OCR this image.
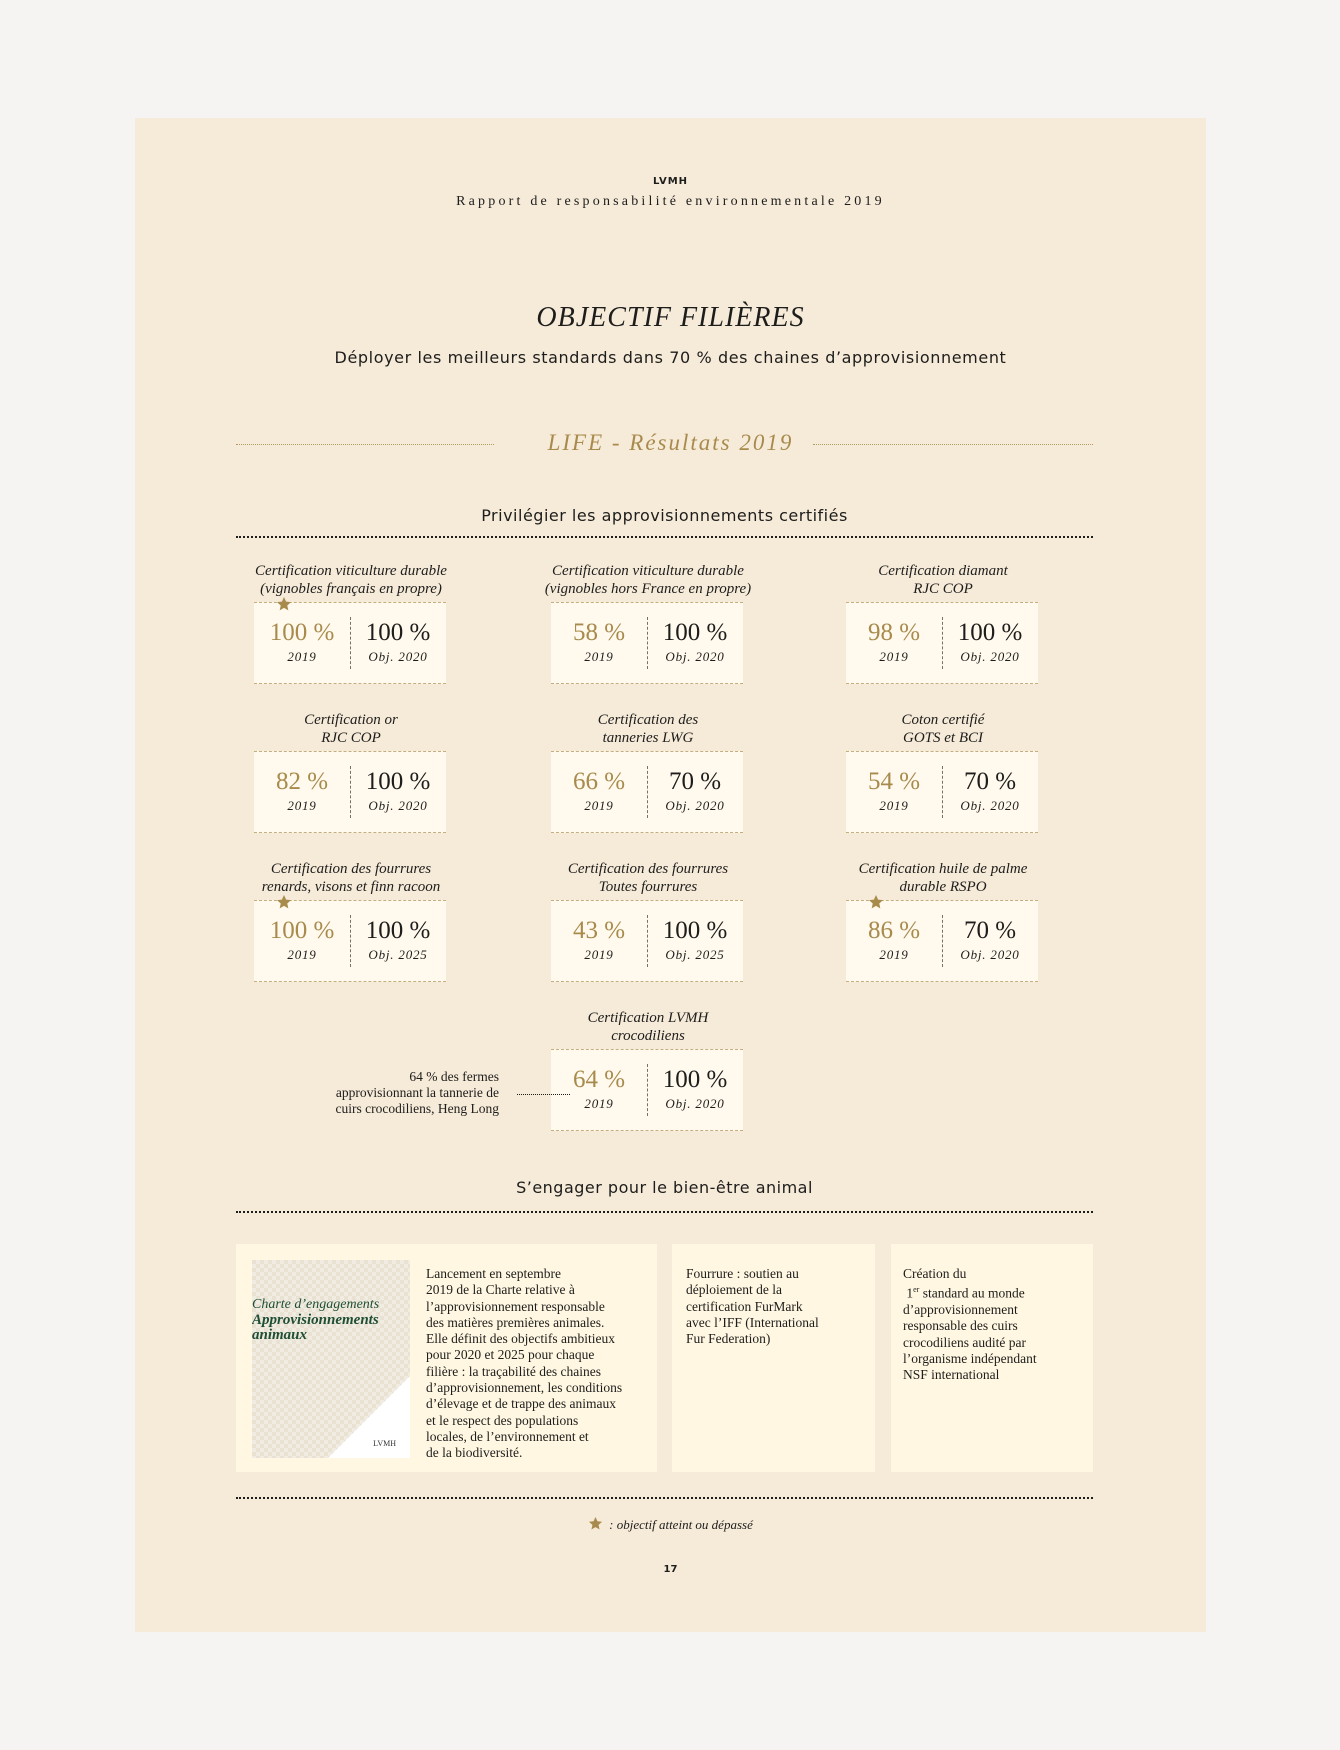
LVMH
Rapport de responsabilité environnementale 2019
OBJECTIF FILIÈRES
Déployer les meilleurs standards dans 70 % des chaines d’approvisionnement
LIFE - Résultats 2019
Privilégier les approvisionnements certifiés
Certification viticulture durable
(vignobles français en propre)
100 %
2019
100 %
Obj. 2020
Certification viticulture durable
(vignobles hors France en propre)
58 %
2019
100 %
Obj. 2020
Certification diamant
RJC COP
98 %
2019
100 %
Obj. 2020
Certification or
RJC COP
82 %
2019
100 %
Obj. 2020
Certification des
tanneries LWG
66 %
2019
70 %
Obj. 2020
Coton certifié
GOTS et BCI
54 %
2019
70 %
Obj. 2020
Certification des fourrures
renards, visons et finn racoon
100 %
2019
100 %
Obj. 2025
Certification des fourrures
Toutes fourrures
43 %
2019
100 %
Obj. 2025
Certification huile de palme
durable RSPO
86 %
2019
70 %
Obj. 2020
Certification LVMH
crocodiliens
64 %
2019
100 %
Obj. 2020
64 % des fermes
approvisionnant la tannerie de
cuirs crocodiliens, Heng Long
S’engager pour le bien-être animal
Charte d’engagements
Approvisionnements
animaux
LVMH
Lancement en septembre
2019 de la Charte relative à
l’approvisionnement responsable
des matières premières animales.
Elle définit des objectifs ambitieux
pour 2020 et 2025 pour chaque
filière : la traçabilité des chaines
d’approvisionnement, les conditions
d’élevage et de trappe des animaux
et le respect des populations
locales, de l’environnement et
de la biodiversité.
Fourrure : soutien au
déploiement de la
certification FurMark
avec l’IFF (International
Fur Federation)
Création du
1er standard au monde
d’approvisionnement
responsable des cuirs
crocodiliens audité par
l’organisme indépendant
NSF international
: objectif atteint ou dépassé
17
